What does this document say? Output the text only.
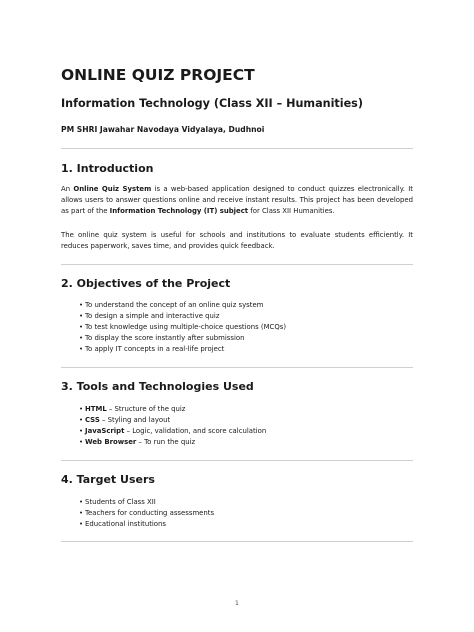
ONLINE QUIZ PROJECT

Information Technology (Class XII – Humanities)

PM SHRI Jawahar Navodaya Vidyalaya, Dudhnoi

1. Introduction

An Online Quiz System is a web-based application designed to conduct quizzes electronically. It allows users to answer questions online and receive instant results. This project has been developed as part of the Information Technology (IT) subject for Class XII Humanities.

The online quiz system is useful for schools and institutions to evaluate students efficiently. It reduces paperwork, saves time, and provides quick feedback.

2. Objectives of the Project
• To understand the concept of an online quiz system
• To design a simple and interactive quiz
• To test knowledge using multiple-choice questions (MCQs)
• To display the score instantly after submission
• To apply IT concepts in a real-life project
3. Tools and Technologies Used
• HTML – Structure of the quiz
• CSS – Styling and layout
• JavaScript – Logic, validation, and score calculation
• Web Browser – To run the quiz
4. Target Users
• Students of Class XII
• Teachers for conducting assessments
• Educational institutions
1
